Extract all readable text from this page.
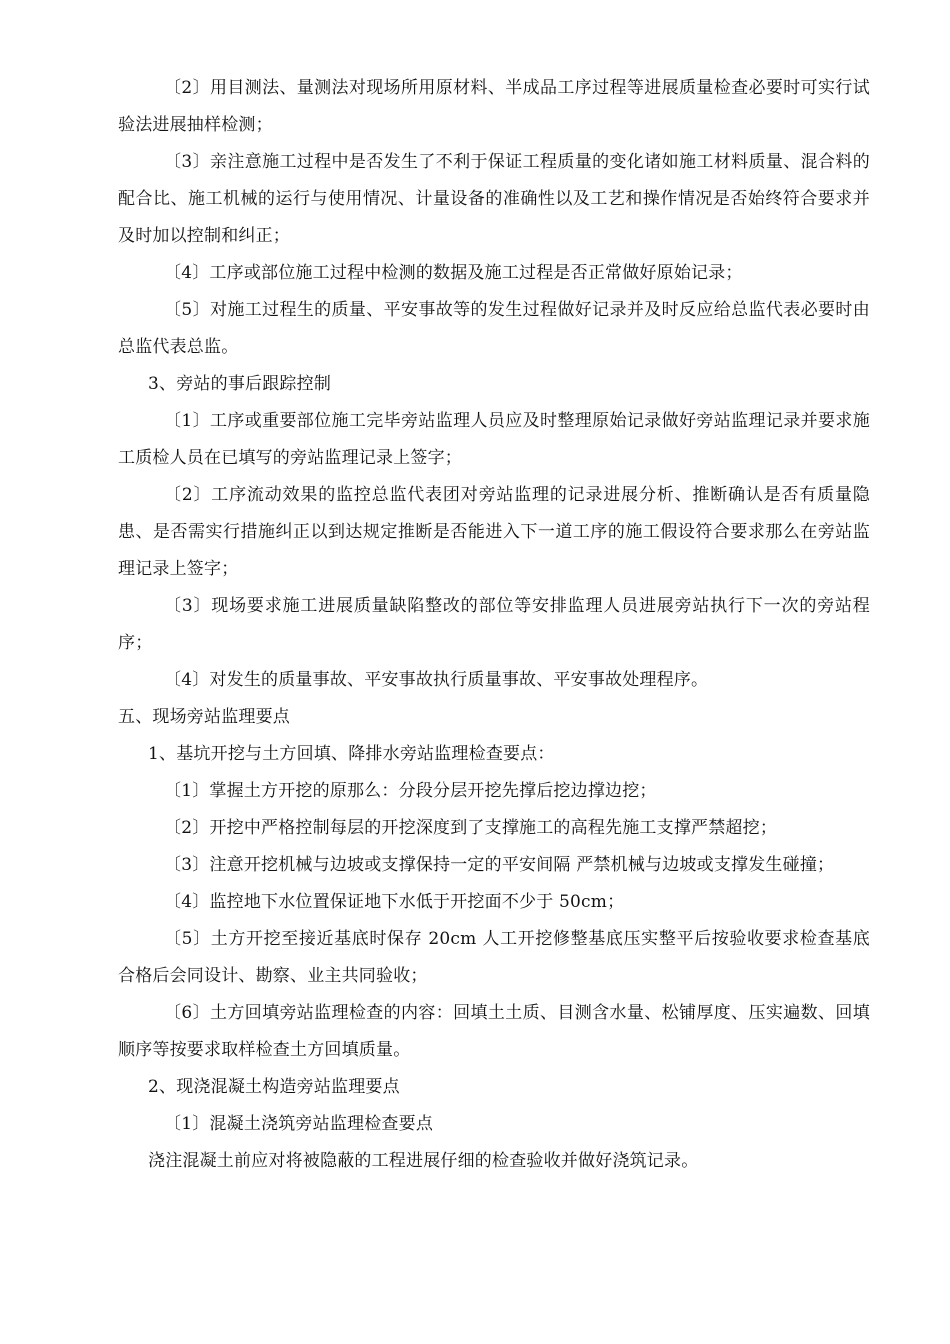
〔2〕用目测法、量测法对现场所用原材料、半成品工序过程等进展质量检查必要时可实行试验法进展抽样检测；

〔3〕亲注意施工过程中是否发生了不利于保证工程质量的变化诸如施工材料质量、混合料的配合比、施工机械的运行与使用情况、计量设备的准确性以及工艺和操作情况是否始终符合要求并及时加以控制和纠正；

〔4〕工序或部位施工过程中检测的数据及施工过程是否正常做好原始记录；

〔5〕对施工过程生的质量、平安事故等的发生过程做好记录并及时反应给总监代表必要时由总监代表总监。

3、旁站的事后跟踪控制

〔1〕工序或重要部位施工完毕旁站监理人员应及时整理原始记录做好旁站监理记录并要求施工质检人员在已填写的旁站监理记录上签字；

〔2〕工序流动效果的监控总监代表团对旁站监理的记录进展分析、推断确认是否有质量隐患、是否需实行措施纠正以到达规定推断是否能进入下一道工序的施工假设符合要求那么在旁站监理记录上签字；

〔3〕现场要求施工进展质量缺陷整改的部位等安排监理人员进展旁站执行下一次的旁站程序；

〔4〕对发生的质量事故、平安事故执行质量事故、平安事故处理程序。

五、现场旁站监理要点

1、基坑开挖与土方回填、降排水旁站监理检查要点：

〔1〕掌握土方开挖的原那么：分段分层开挖先撑后挖边撑边挖；

〔2〕开挖中严格控制每层的开挖深度到了支撑施工的高程先施工支撑严禁超挖；

〔3〕注意开挖机械与边坡或支撑保持一定的平安间隔 严禁机械与边坡或支撑发生碰撞；

〔4〕监控地下水位置保证地下水低于开挖面不少于 50cm；

〔5〕土方开挖至接近基底时保存 20cm 人工开挖修整基底压实整平后按验收要求检查基底合格后会同设计、勘察、业主共同验收；

〔6〕土方回填旁站监理检查的内容：回填土土质、目测含水量、松铺厚度、压实遍数、回填顺序等按要求取样检查土方回填质量。

2、现浇混凝土构造旁站监理要点

〔1〕混凝土浇筑旁站监理检查要点

浇注混凝土前应对将被隐蔽的工程进展仔细的检查验收并做好浇筑记录。
